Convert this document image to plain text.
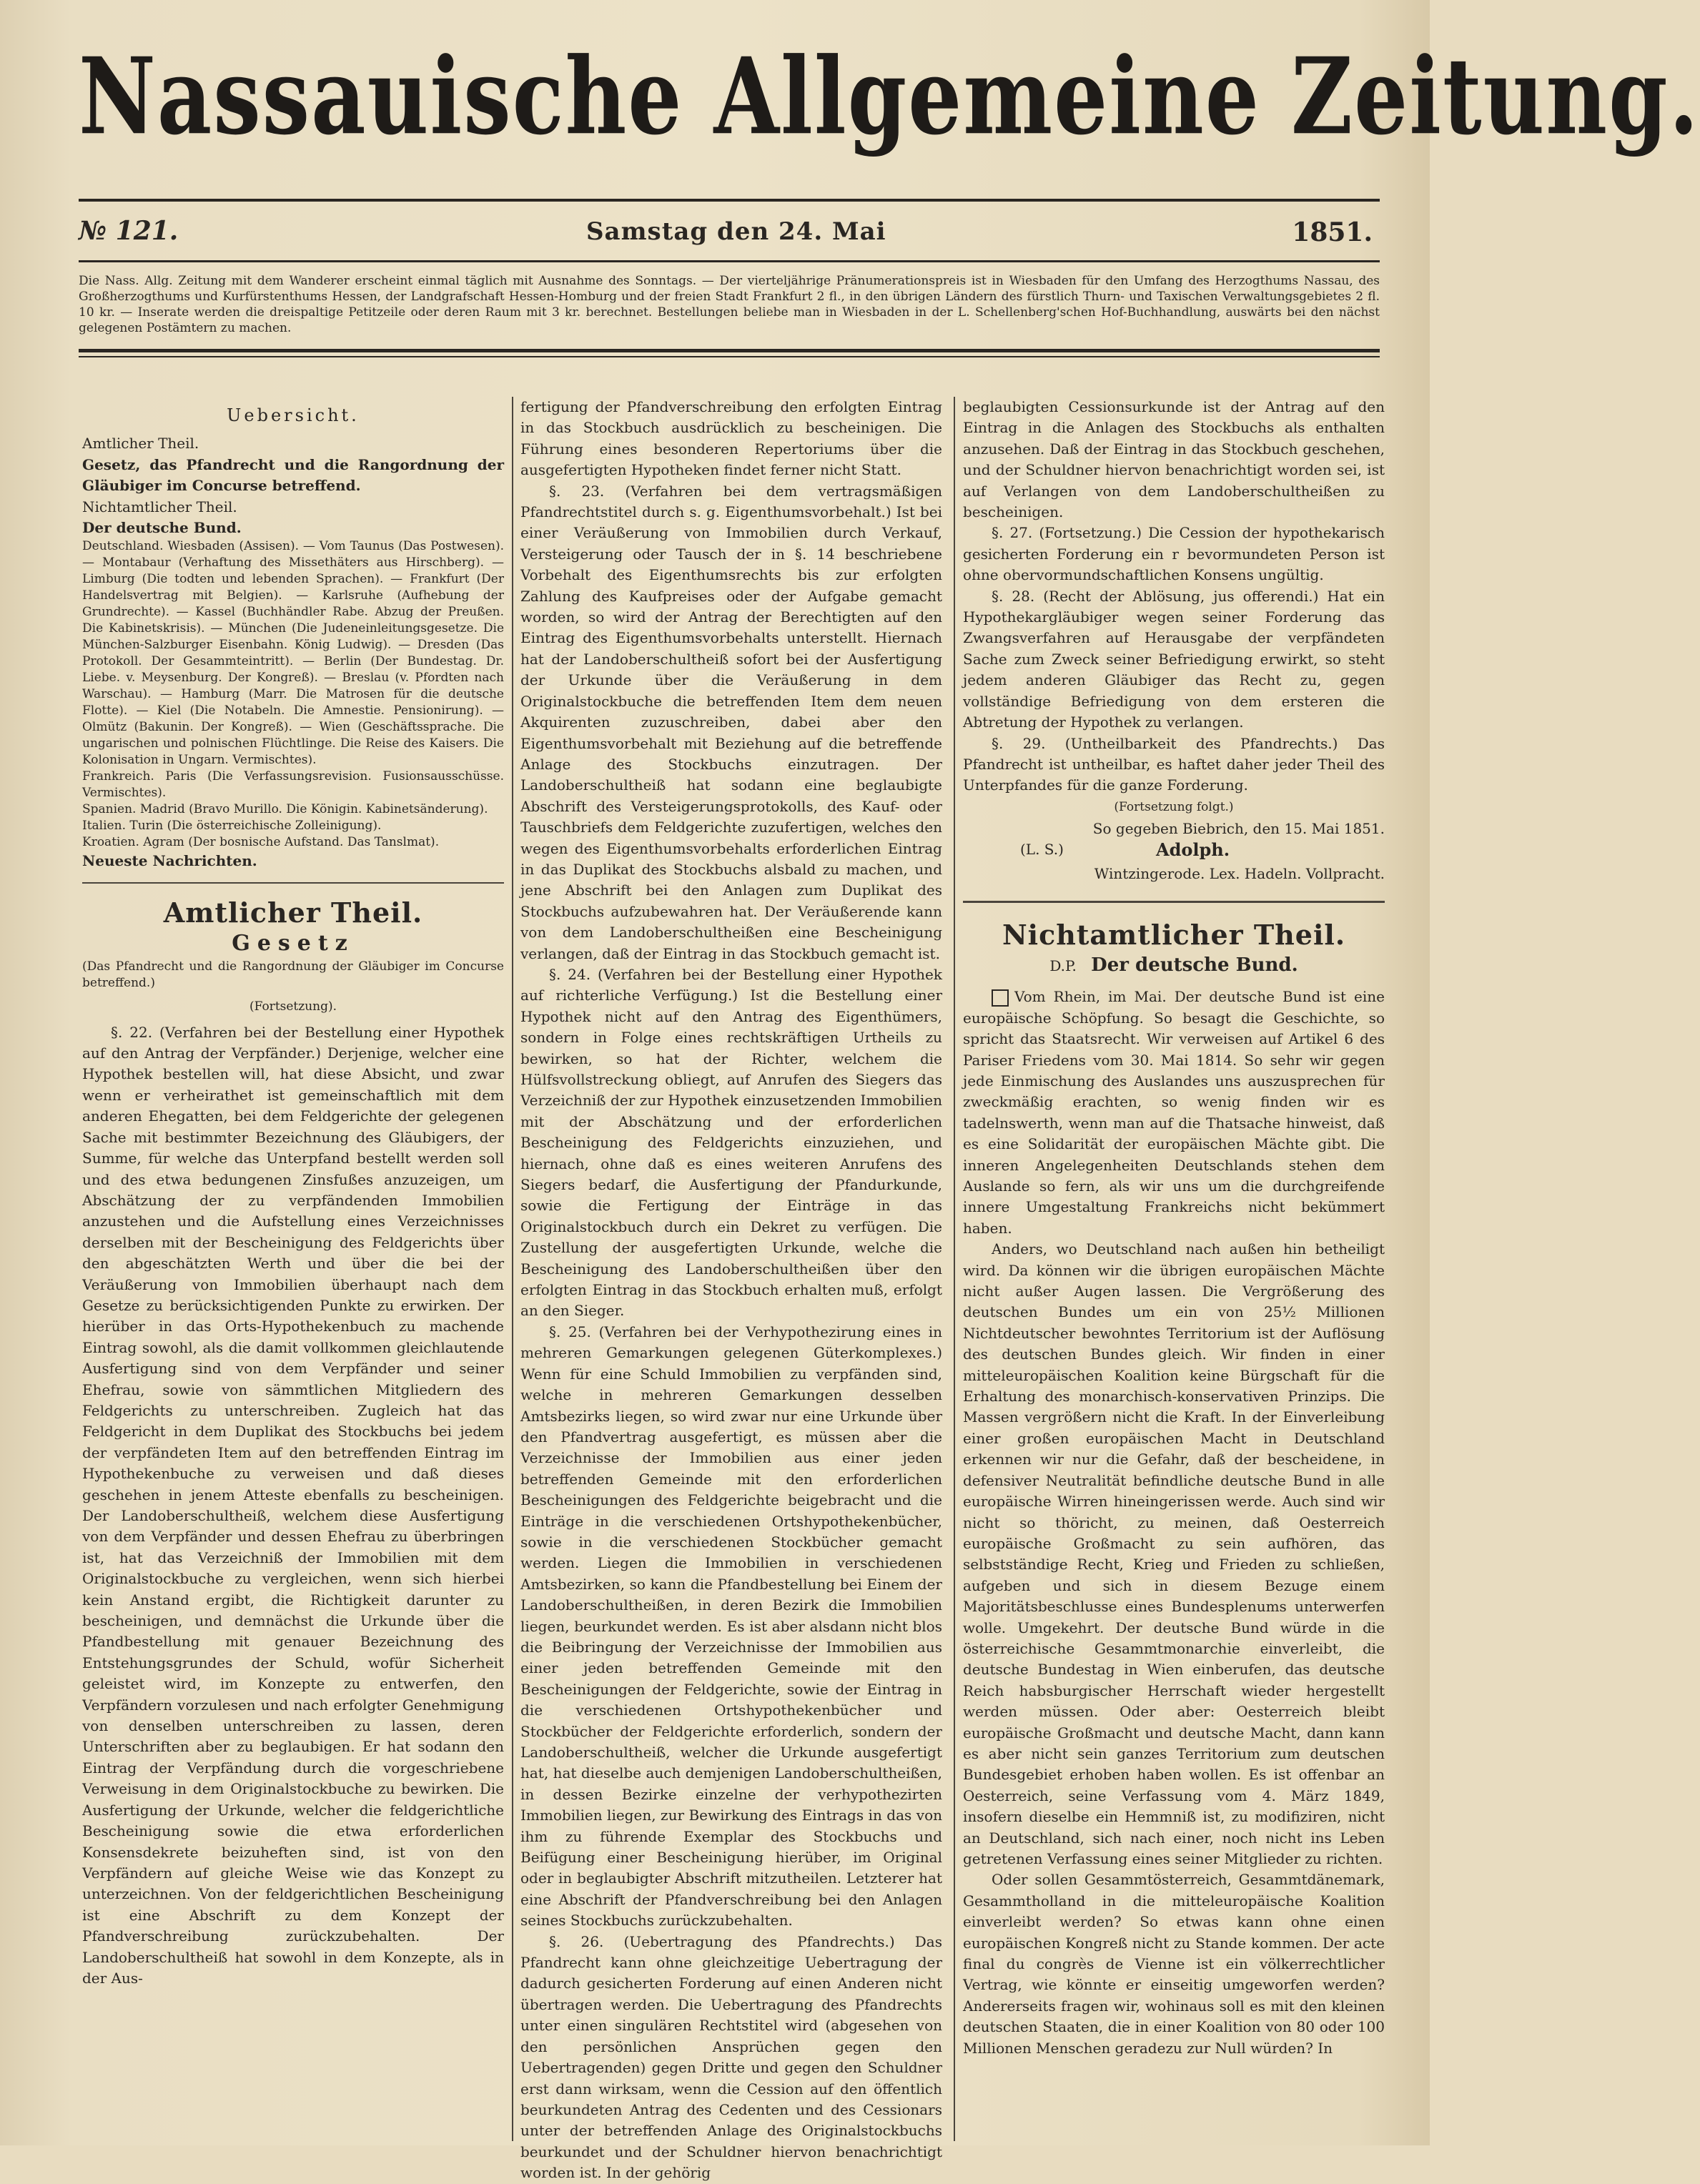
Nassauische Allgemeine Zeitung.
№ 121.	Samstag den 24. Mai	1851.
Die Nass. Allg. Zeitung mit dem Wanderer erscheint einmal täglich mit Ausnahme des Sonntags. — Der vierteljährige Pränumerationspreis ist in Wiesbaden für den Umfang des Herzogthums Nassau, des Großherzogthums und Kurfürstenthums Hessen, der Landgrafschaft Hessen-Homburg und der freien Stadt Frankfurt 2 fl., in den übrigen Ländern des fürstlich Thurn- und Taxischen Verwaltungsgebietes 2 fl. 10 kr. — Inserate werden die dreispaltige Petitzeile oder deren Raum mit 3 kr. berechnet. Bestellungen beliebe man in Wiesbaden in der L. Schellenberg'schen Hof-Buchhandlung, auswärts bei den nächst gelegenen Postämtern zu machen.
Uebersicht.
Amtlicher Theil.
Gesetz, das Pfandrecht und die Rangordnung der Gläubiger im Concurse betreffend.
Nichtamtlicher Theil.
Der deutsche Bund.
Deutschland. Wiesbaden (Assisen). — Vom Taunus (Das Postwesen). — Montabaur (Verhaftung des Missethäters aus Hirschberg). — Limburg (Die todten und lebenden Sprachen). — Frankfurt (Der Handelsvertrag mit Belgien). — Karlsruhe (Aufhebung der Grundrechte). — Kassel (Buchhändler Rabe. Abzug der Preußen. Die Kabinetskrisis). — München (Die Judeneinleitungsgesetze. Die München-Salzburger Eisenbahn. König Ludwig). — Dresden (Das Protokoll. Der Gesammteintritt). — Berlin (Der Bundestag. Dr. Liebe. v. Meysenburg. Der Kongreß). — Breslau (v. Pfordten nach Warschau). — Hamburg (Marr. Die Matrosen für die deutsche Flotte). — Kiel (Die Notabeln. Die Amnestie. Pensionirung). — Olmütz (Bakunin. Der Kongreß). — Wien (Geschäftssprache. Die ungarischen und polnischen Flüchtlinge. Die Reise des Kaisers. Die Kolonisation in Ungarn. Vermischtes).
Frankreich. Paris (Die Verfassungsrevision. Fusionsausschüsse. Vermischtes).
Spanien. Madrid (Bravo Murillo. Die Königin. Kabinetsänderung).
Italien. Turin (Die österreichische Zolleinigung).
Kroatien. Agram (Der bosnische Aufstand. Das Tanslmat).
Neueste Nachrichten.
Amtlicher Theil.
Gesetz
(Das Pfandrecht und die Rangordnung der Gläubiger im Concurse betreffend.)
(Fortsetzung).

§. 22. (Verfahren bei der Bestellung einer Hypothek auf den Antrag der Verpfänder.) Derjenige, welcher eine Hypothek bestellen will, hat diese Absicht, und zwar wenn er verheirathet ist gemeinschaftlich mit dem anderen Ehegatten, bei dem Feldgerichte der gelegenen Sache mit bestimmter Bezeichnung des Gläubigers, der Summe, für welche das Unterpfand bestellt werden soll und des etwa bedungenen Zinsfußes anzuzeigen, um Abschätzung der zu verpfändenden Immobilien anzustehen und die Aufstellung eines Verzeichnisses derselben mit der Bescheinigung des Feldgerichts über den abgeschätzten Werth und über die bei der Veräußerung von Immobilien überhaupt nach dem Gesetze zu berücksichtigenden Punkte zu erwirken. Der hierüber in das Orts-Hypothekenbuch zu machende Eintrag sowohl, als die damit vollkommen gleichlautende Ausfertigung sind von dem Verpfänder und seiner Ehefrau, sowie von sämmtlichen Mitgliedern des Feldgerichts zu unterschreiben. Zugleich hat das Feldgericht in dem Duplikat des Stockbuchs bei jedem der verpfändeten Item auf den betreffenden Eintrag im Hypothekenbuche zu verweisen und daß dieses geschehen in jenem Atteste ebenfalls zu bescheinigen. Der Landoberschultheiß, welchem diese Ausfertigung von dem Verpfänder und dessen Ehefrau zu überbringen ist, hat das Verzeichniß der Immobilien mit dem Originalstockbuche zu vergleichen, wenn sich hierbei kein Anstand ergibt, die Richtigkeit darunter zu bescheinigen, und demnächst die Urkunde über die Pfandbestellung mit genauer Bezeichnung des Entstehungsgrundes der Schuld, wofür Sicherheit geleistet wird, im Konzepte zu entwerfen, den Verpfändern vorzulesen und nach erfolgter Genehmigung von denselben unterschreiben zu lassen, deren Unterschriften aber zu beglaubigen. Er hat sodann den Eintrag der Verpfändung durch die vorgeschriebene Verweisung in dem Originalstockbuche zu bewirken. Die Ausfertigung der Urkunde, welcher die feldgerichtliche Bescheinigung sowie die etwa erforderlichen Konsensdekrete beizuheften sind, ist von den Verpfändern auf gleiche Weise wie das Konzept zu unterzeichnen. Von der feldgerichtlichen Bescheinigung ist eine Abschrift zu dem Konzept der Pfandverschreibung zurückzubehalten. Der Landoberschultheiß hat sowohl in dem Konzepte, als in der Aus-

fertigung der Pfandverschreibung den erfolgten Eintrag in das Stockbuch ausdrücklich zu bescheinigen. Die Führung eines besonderen Repertoriums über die ausgefertigten Hypotheken findet ferner nicht Statt.

§. 23. (Verfahren bei dem vertragsmäßigen Pfandrechtstitel durch s. g. Eigenthumsvorbehalt.) Ist bei einer Veräußerung von Immobilien durch Verkauf, Versteigerung oder Tausch der in §. 14 beschriebene Vorbehalt des Eigenthumsrechts bis zur erfolgten Zahlung des Kaufpreises oder der Aufgabe gemacht worden, so wird der Antrag der Berechtigten auf den Eintrag des Eigenthumsvorbehalts unterstellt. Hiernach hat der Landoberschultheiß sofort bei der Ausfertigung der Urkunde über die Veräußerung in dem Originalstockbuche die betreffenden Item dem neuen Akquirenten zuzuschreiben, dabei aber den Eigenthumsvorbehalt mit Beziehung auf die betreffende Anlage des Stockbuchs einzutragen. Der Landoberschultheiß hat sodann eine beglaubigte Abschrift des Versteigerungsprotokolls, des Kauf- oder Tauschbriefs dem Feldgerichte zuzufertigen, welches den wegen des Eigenthumsvorbehalts erforderlichen Eintrag in das Duplikat des Stockbuchs alsbald zu machen, und jene Abschrift bei den Anlagen zum Duplikat des Stockbuchs aufzubewahren hat. Der Veräußerende kann von dem Landoberschultheißen eine Bescheinigung verlangen, daß der Eintrag in das Stockbuch gemacht ist.

§. 24. (Verfahren bei der Bestellung einer Hypothek auf richterliche Verfügung.) Ist die Bestellung einer Hypothek nicht auf den Antrag des Eigenthümers, sondern in Folge eines rechtskräftigen Urtheils zu bewirken, so hat der Richter, welchem die Hülfsvollstreckung obliegt, auf Anrufen des Siegers das Verzeichniß der zur Hypothek einzusetzenden Immobilien mit der Abschätzung und der erforderlichen Bescheinigung des Feldgerichts einzuziehen, und hiernach, ohne daß es eines weiteren Anrufens des Siegers bedarf, die Ausfertigung der Pfandurkunde, sowie die Fertigung der Einträge in das Originalstockbuch durch ein Dekret zu verfügen. Die Zustellung der ausgefertigten Urkunde, welche die Bescheinigung des Landoberschultheißen über den erfolgten Eintrag in das Stockbuch erhalten muß, erfolgt an den Sieger.

§. 25. (Verfahren bei der Verhypothezirung eines in mehreren Gemarkungen gelegenen Güterkomplexes.) Wenn für eine Schuld Immobilien zu verpfänden sind, welche in mehreren Gemarkungen desselben Amtsbezirks liegen, so wird zwar nur eine Urkunde über den Pfandvertrag ausgefertigt, es müssen aber die Verzeichnisse der Immobilien aus einer jeden betreffenden Gemeinde mit den erforderlichen Bescheinigungen des Feldgerichte beigebracht und die Einträge in die verschiedenen Ortshypothekenbücher, sowie in die verschiedenen Stockbücher gemacht werden. Liegen die Immobilien in verschiedenen Amtsbezirken, so kann die Pfandbestellung bei Einem der Landoberschultheißen, in deren Bezirk die Immobilien liegen, beurkundet werden. Es ist aber alsdann nicht blos die Beibringung der Verzeichnisse der Immobilien aus einer jeden betreffenden Gemeinde mit den Bescheinigungen der Feldgerichte, sowie der Eintrag in die verschiedenen Ortshypothekenbücher und Stockbücher der Feldgerichte erforderlich, sondern der Landoberschultheiß, welcher die Urkunde ausgefertigt hat, hat dieselbe auch demjenigen Landoberschultheißen, in dessen Bezirke einzelne der verhypothezirten Immobilien liegen, zur Bewirkung des Eintrags in das von ihm zu führende Exemplar des Stockbuchs und Beifügung einer Bescheinigung hierüber, im Original oder in beglaubigter Abschrift mitzutheilen. Letzterer hat eine Abschrift der Pfandverschreibung bei den Anlagen seines Stockbuchs zurückzubehalten.

§. 26. (Uebertragung des Pfandrechts.) Das Pfandrecht kann ohne gleichzeitige Uebertragung der dadurch gesicherten Forderung auf einen Anderen nicht übertragen werden. Die Uebertragung des Pfandrechts unter einen singulären Rechtstitel wird (abgesehen von den persönlichen Ansprüchen gegen den Uebertragenden) gegen Dritte und gegen den Schuldner erst dann wirksam, wenn die Cession auf den öffentlich beurkundeten Antrag des Cedenten und des Cessionars unter der betreffenden Anlage des Originalstockbuchs beurkundet und der Schuldner hiervon benachrichtigt worden ist. In der gehörig

beglaubigten Cessionsurkunde ist der Antrag auf den Eintrag in die Anlagen des Stockbuchs als enthalten anzusehen. Daß der Eintrag in das Stockbuch geschehen, und der Schuldner hiervon benachrichtigt worden sei, ist auf Verlangen von dem Landoberschultheißen zu bescheinigen.

§. 27. (Fortsetzung.) Die Cession der hypothekarisch gesicherten Forderung ein r bevormundeten Person ist ohne obervormundschaftlichen Konsens ungültig.

§. 28. (Recht der Ablösung, jus offerendi.) Hat ein Hypothekargläubiger wegen seiner Forderung das Zwangsverfahren auf Herausgabe der verpfändeten Sache zum Zweck seiner Befriedigung erwirkt, so steht jedem anderen Gläubiger das Recht zu, gegen vollständige Befriedigung von dem ersteren die Abtretung der Hypothek zu verlangen.

§. 29. (Untheilbarkeit des Pfandrechts.) Das Pfandrecht ist untheilbar, es haftet daher jeder Theil des Unterpfandes für die ganze Forderung.

(Fortsetzung folgt.)
So gegeben Biebrich, den 15. Mai 1851.
(L. S.)	Adolph.
Wintzingerode. Lex. Hadeln. Vollpracht.
Nichtamtlicher Theil.
D.P. Der deutsche Bund.

Vom Rhein, im Mai. Der deutsche Bund ist eine europäische Schöpfung. So besagt die Geschichte, so spricht das Staatsrecht. Wir verweisen auf Artikel 6 des Pariser Friedens vom 30. Mai 1814. So sehr wir gegen jede Einmischung des Auslandes uns auszusprechen für zweckmäßig erachten, so wenig finden wir es tadelnswerth, wenn man auf die Thatsache hinweist, daß es eine Solidarität der europäischen Mächte gibt. Die inneren Angelegenheiten Deutschlands stehen dem Auslande so fern, als wir uns um die durchgreifende innere Umgestaltung Frankreichs nicht bekümmert haben.

Anders, wo Deutschland nach außen hin betheiligt wird. Da können wir die übrigen europäischen Mächte nicht außer Augen lassen. Die Vergrößerung des deutschen Bundes um ein von 25½ Millionen Nichtdeutscher bewohntes Territorium ist der Auflösung des deutschen Bundes gleich. Wir finden in einer mitteleuropäischen Koalition keine Bürgschaft für die Erhaltung des monarchisch-konservativen Prinzips. Die Massen vergrößern nicht die Kraft. In der Einverleibung einer großen europäischen Macht in Deutschland erkennen wir nur die Gefahr, daß der bescheidene, in defensiver Neutralität befindliche deutsche Bund in alle europäische Wirren hineingerissen werde. Auch sind wir nicht so thöricht, zu meinen, daß Oesterreich europäische Großmacht zu sein aufhören, das selbstständige Recht, Krieg und Frieden zu schließen, aufgeben und sich in diesem Bezuge einem Majoritätsbeschlusse eines Bundesplenums unterwerfen wolle. Umgekehrt. Der deutsche Bund würde in die österreichische Gesammtmonarchie einverleibt, die deutsche Bundestag in Wien einberufen, das deutsche Reich habsburgischer Herrschaft wieder hergestellt werden müssen. Oder aber: Oesterreich bleibt europäische Großmacht und deutsche Macht, dann kann es aber nicht sein ganzes Territorium zum deutschen Bundesgebiet erhoben haben wollen. Es ist offenbar an Oesterreich, seine Verfassung vom 4. März 1849, insofern dieselbe ein Hemmniß ist, zu modifiziren, nicht an Deutschland, sich nach einer, noch nicht ins Leben getretenen Verfassung eines seiner Mitglieder zu richten.

Oder sollen Gesammtösterreich, Gesammtdänemark, Gesammtholland in die mitteleuropäische Koalition einverleibt werden? So etwas kann ohne einen europäischen Kongreß nicht zu Stande kommen. Der acte final du congrès de Vienne ist ein völkerrechtlicher Vertrag, wie könnte er einseitig umgeworfen werden? Andererseits fragen wir, wohinaus soll es mit den kleinen deutschen Staaten, die in einer Koalition von 80 oder 100 Millionen Menschen geradezu zur Null würden? In
